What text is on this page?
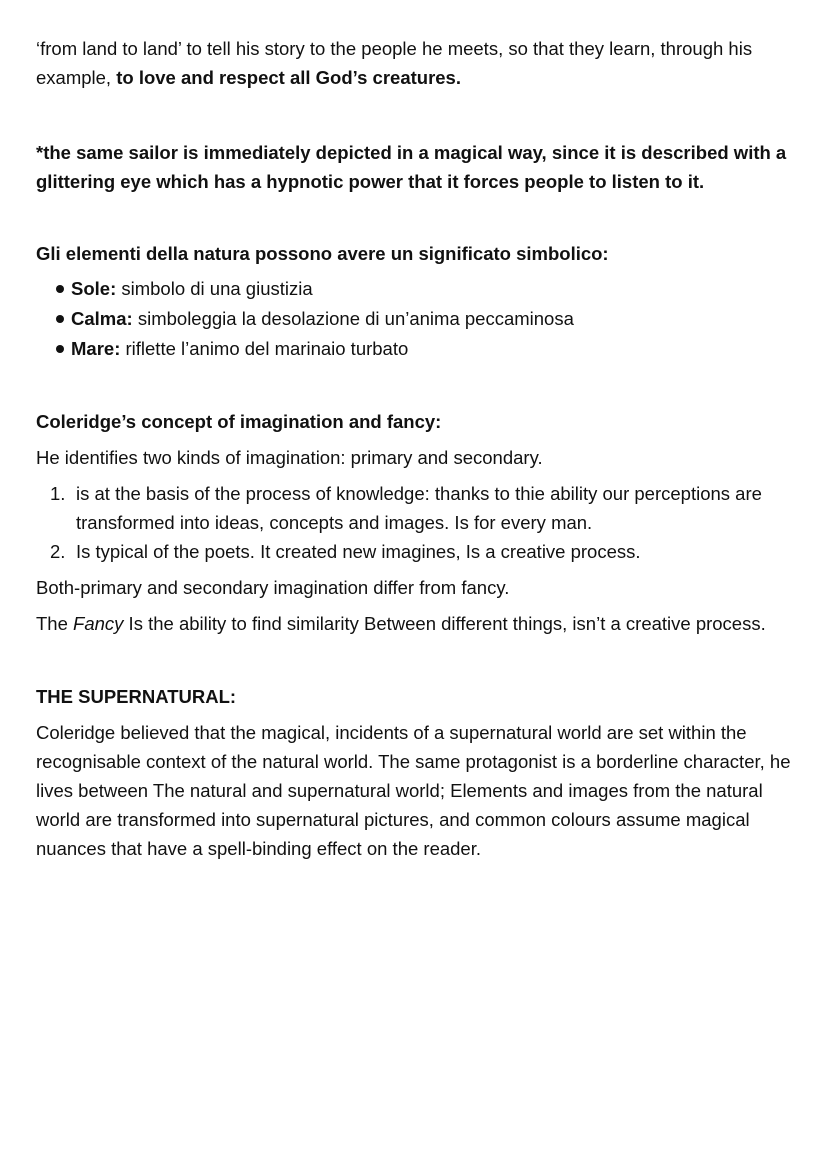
‘from land to land’ to tell his story to the people he meets, so that they learn, through his example, to love and respect all God’s creatures.

*the same sailor is immediately depicted in a magical way, since it is described with a glittering eye which has a hypnotic power that it forces people to listen to it.

Gli elementi della natura possono avere un significato simbolico:

Sole: simbolo di una giustizia
Calma: simboleggia la desolazione di un’anima peccaminosa
Mare: riflette l’animo del marinaio turbato

Coleridge’s concept of imagination and fancy:

He identifies two kinds of imagination: primary and secondary.

1. is at the basis of the process of knowledge: thanks to thie ability our perceptions are transformed into ideas, concepts and images. Is for every man.
2. Is typical of the poets. It created new imagines, Is a creative process.

Both-primary and secondary imagination differ from fancy.

The Fancy Is the ability to find similarity Between different things, isn’t a creative process.

THE SUPERNATURAL:

Coleridge believed that the magical, incidents of a supernatural world are set within the recognisable context of the natural world. The same protagonist is a borderline character, he lives between The natural and supernatural world; Elements and images from the natural world are transformed into supernatural pictures, and common colours assume magical nuances that have a spell-binding effect on the reader.
